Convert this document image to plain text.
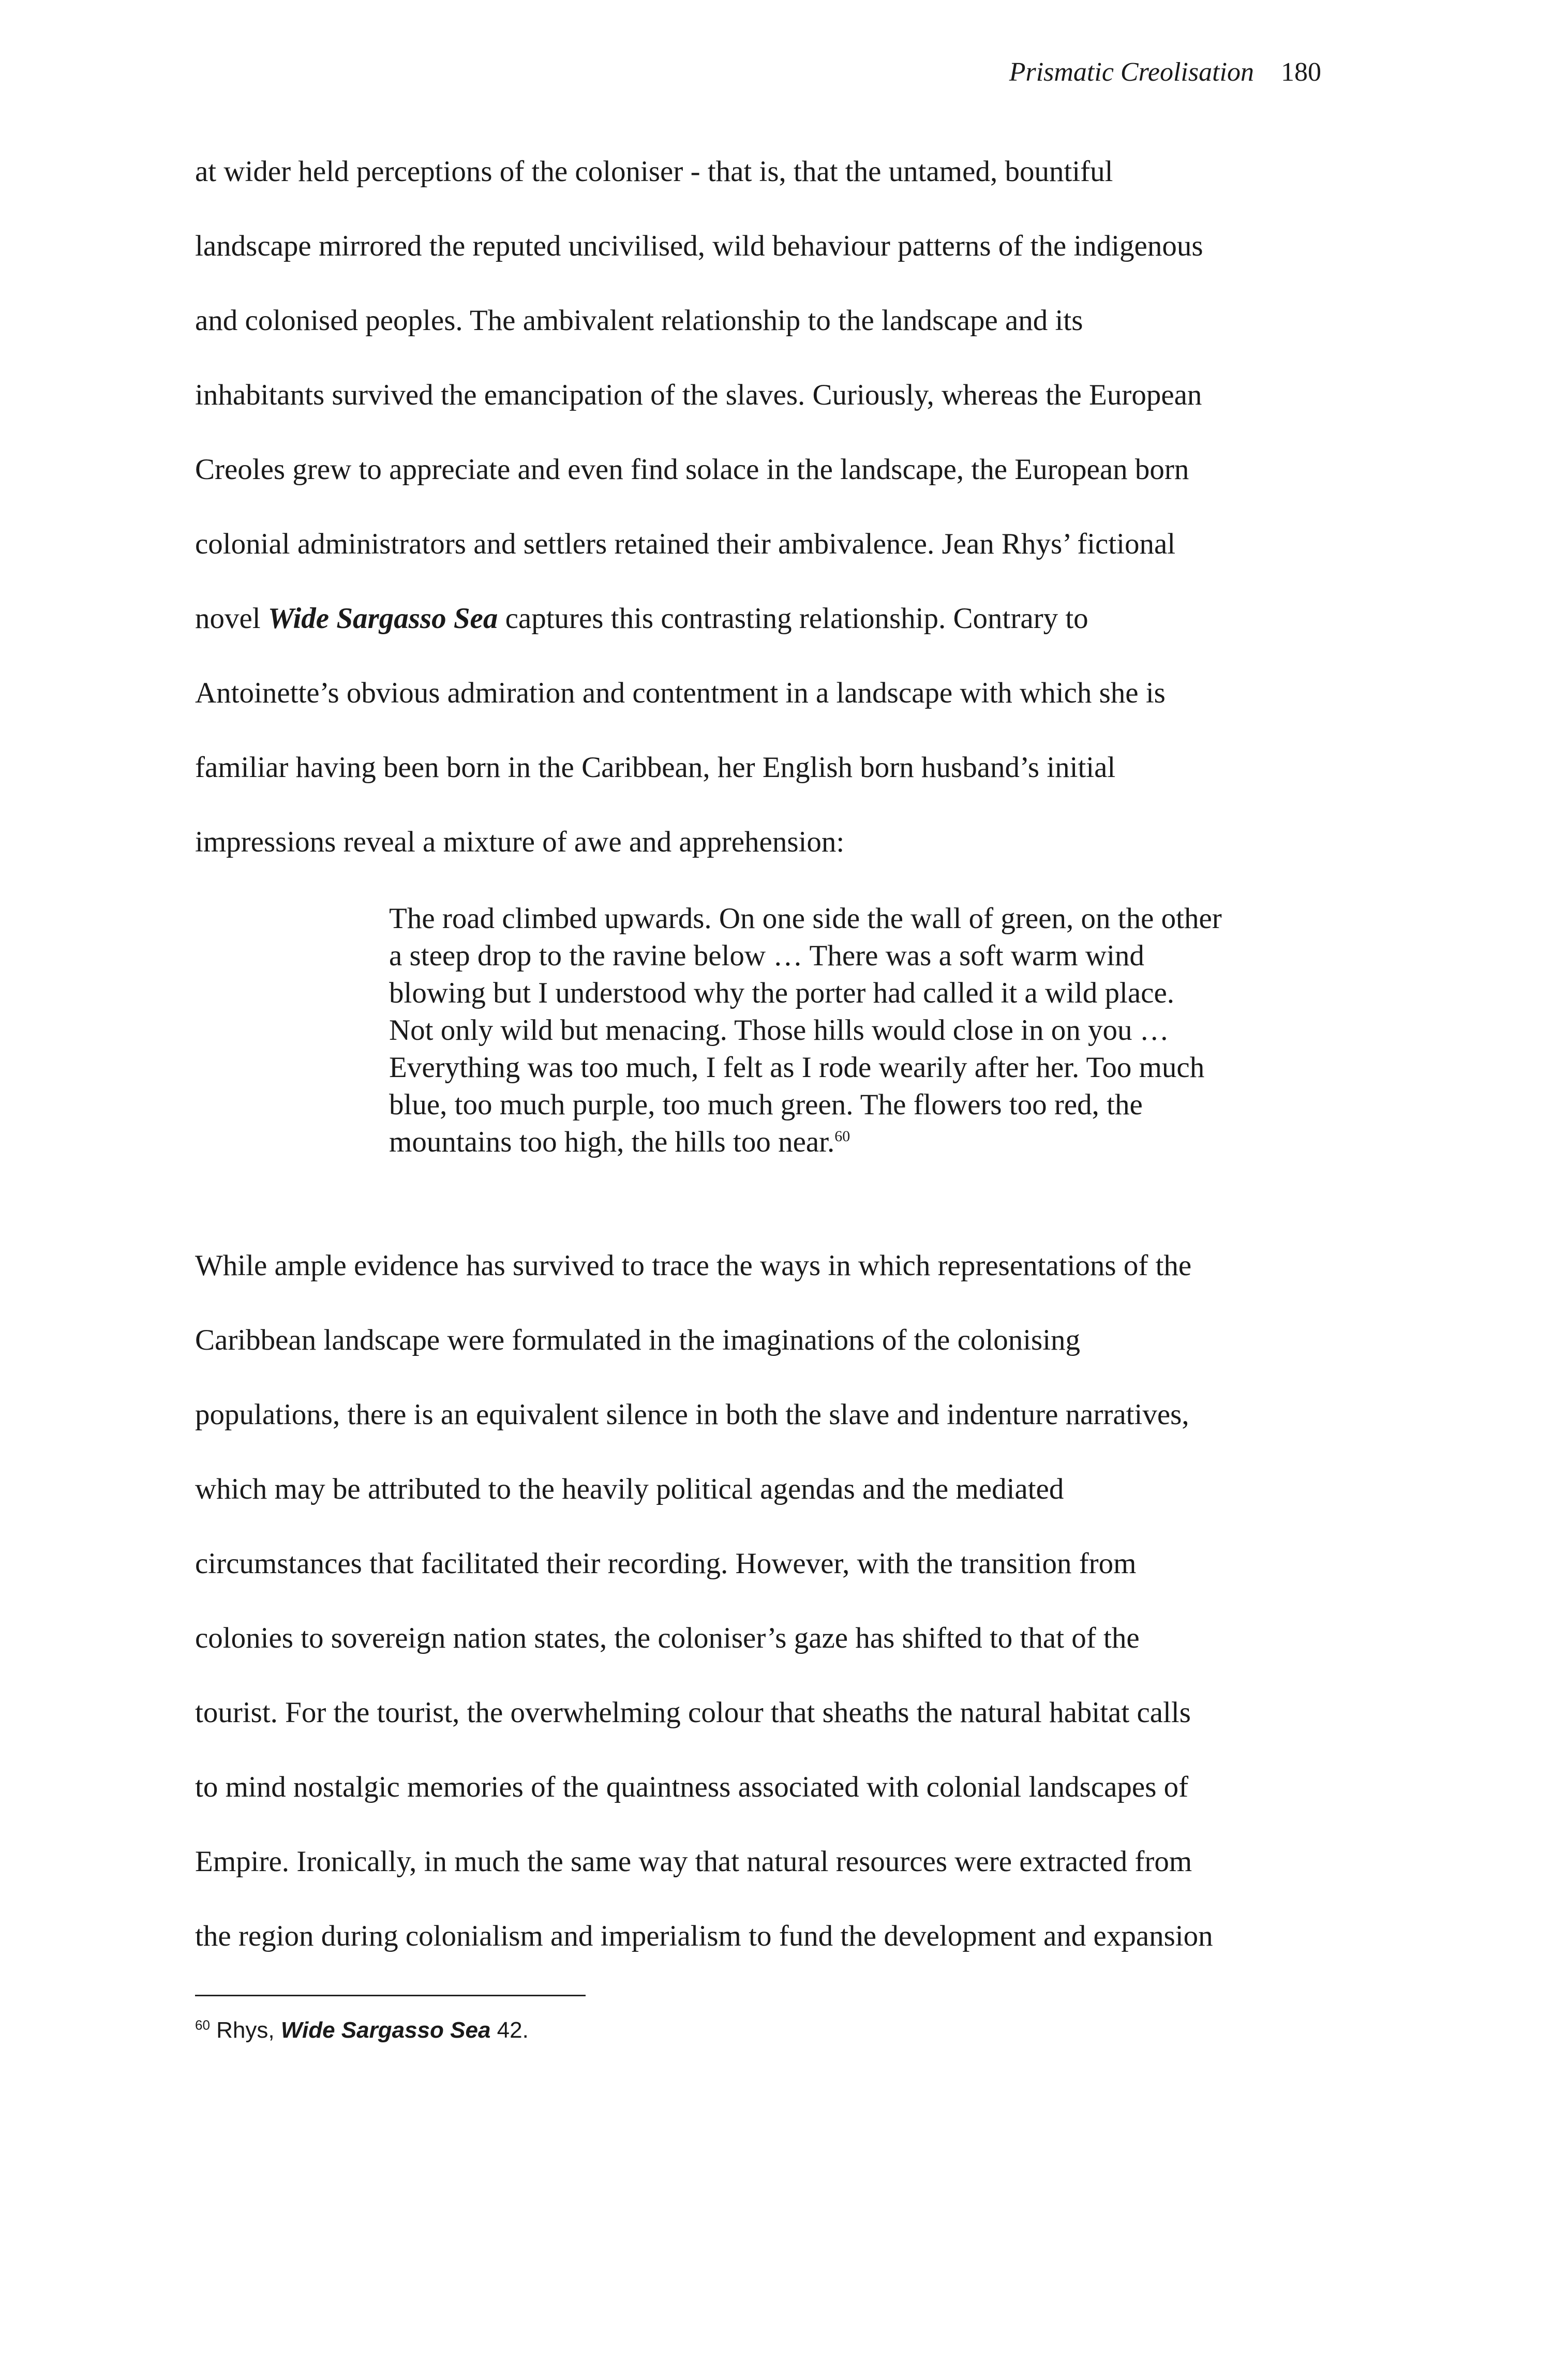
Prismatic Creolisation 180
at wider held perceptions of the coloniser - that is, that the untamed, bountiful
landscape mirrored the reputed uncivilised, wild behaviour patterns of the indigenous
and colonised peoples. The ambivalent relationship to the landscape and its
inhabitants survived the emancipation of the slaves. Curiously, whereas the European
Creoles grew to appreciate and even find solace in the landscape, the European born
colonial administrators and settlers retained their ambivalence. Jean Rhys’ fictional
novel Wide Sargasso Sea captures this contrasting relationship. Contrary to
Antoinette’s obvious admiration and contentment in a landscape with which she is
familiar having been born in the Caribbean, her English born husband’s initial
impressions reveal a mixture of awe and apprehension:
The road climbed upwards. On one side the wall of green, on the other
a steep drop to the ravine below … There was a soft warm wind
blowing but I understood why the porter had called it a wild place.
Not only wild but menacing. Those hills would close in on you …
Everything was too much, I felt as I rode wearily after her. Too much
blue, too much purple, too much green. The flowers too red, the
mountains too high, the hills too near.$^{60}$
While ample evidence has survived to trace the ways in which representations of the
Caribbean landscape were formulated in the imaginations of the colonising
populations, there is an equivalent silence in both the slave and indenture narratives,
which may be attributed to the heavily political agendas and the mediated
circumstances that facilitated their recording. However, with the transition from
colonies to sovereign nation states, the coloniser’s gaze has shifted to that of the
tourist. For the tourist, the overwhelming colour that sheaths the natural habitat calls
to mind nostalgic memories of the quaintness associated with colonial landscapes of
Empire. Ironically, in much the same way that natural resources were extracted from
the region during colonialism and imperialism to fund the development and expansion
$^{60}$ Rhys, Wide Sargasso Sea 42.
